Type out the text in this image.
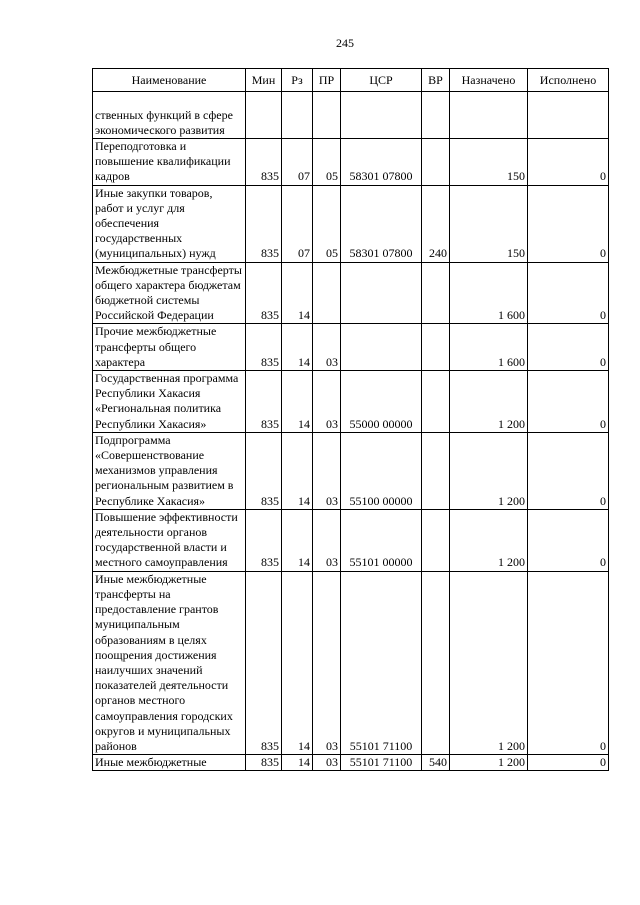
245
Наименование	Мин	Рз	ПР	ЦСР	ВР	Назначено	Исполнено
ственных функций в сфере экономического развития							
Переподготовка и повышение квалификации кадров	835	07	05	58301 07800		150	0
Иные закупки товаров, работ и услуг для обеспечения государственных (муниципальных) нужд	835	07	05	58301 07800	240	150	0
Межбюджетные трансферты общего характера бюджетам бюджетной системы Российской Федерации	835	14				1 600	0
Прочие межбюджетные трансферты общего характера	835	14	03			1 600	0
Государственная программа Республики Хакасия «Региональная политика Республики Хакасия»	835	14	03	55000 00000		1 200	0
Подпрограмма «Совершенствование механизмов управления региональным развитием в Республике Хакасия»	835	14	03	55100 00000		1 200	0
Повышение эффективности деятельности органов государственной власти и местного самоуправления	835	14	03	55101 00000		1 200	0
Иные межбюджетные трансферты на предоставление грантов муниципальным образованиям в целях поощрения достижения наилучших значений показателей деятельности органов местного самоуправления городских округов и муниципальных районов	835	14	03	55101 71100		1 200	0
Иные межбюджетные	835	14	03	55101 71100	540	1 200	0
